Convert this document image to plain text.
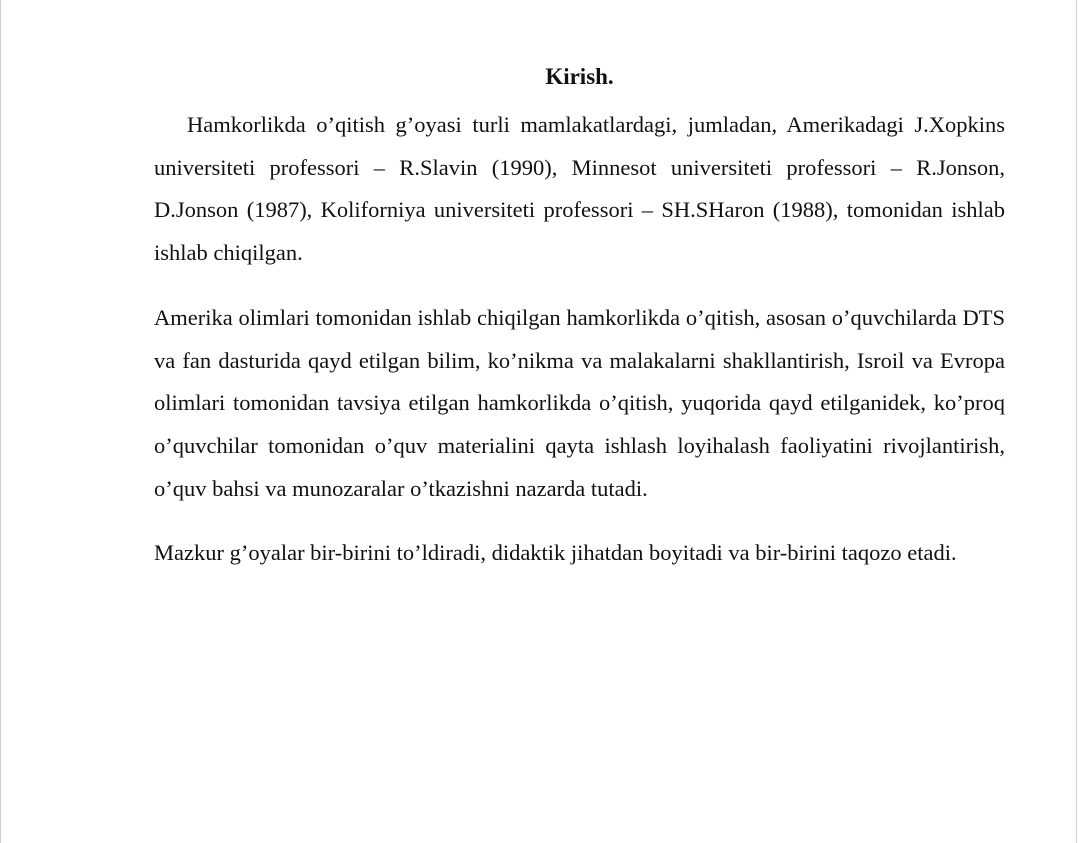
Kirish.

Hamkorlikda o’qitish g’oyasi turli mamlakatlardagi, jumladan, Amerikadagi J.Xopkins universiteti professori – R.Slavin (1990), Minnesot universiteti professori – R.Jonson, D.Jonson (1987), Koliforniya universiteti professori – SH.SHaron (1988), tomonidan ishlab ishlab chiqilgan.

Amerika olimlari tomonidan ishlab chiqilgan hamkorlikda o’qitish, asosan o’quvchilarda DTS va fan dasturida qayd etilgan bilim, ko’nikma va malakalarni shakllantirish, Isroil va Evropa olimlari tomonidan tavsiya etilgan hamkorlikda o’qitish, yuqorida qayd etilganidek, ko’proq o’quvchilar tomonidan o’quv materialini qayta ishlash loyihalash faoliyatini rivojlantirish, o’quv bahsi va munozaralar o’tkazishni nazarda tutadi.

Mazkur g’oyalar bir-birini to’ldiradi, didaktik jihatdan boyitadi va bir-birini taqozo etadi.
